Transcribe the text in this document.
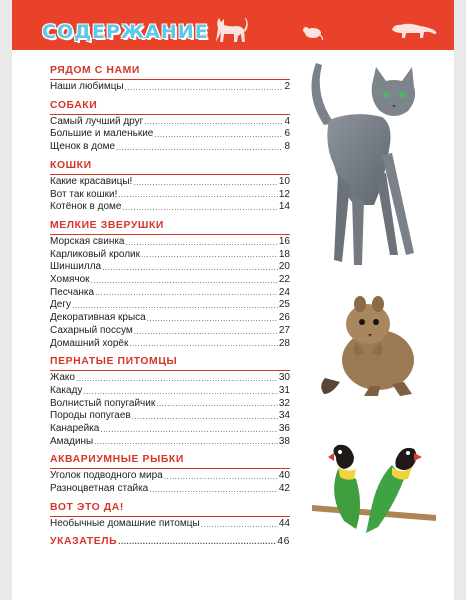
СОДЕРЖАНИЕ
РЯДОМ С НАМИ
Наши любимцы .....	2
СОБАКИ
Самый лучший друг .....	4
Большие и маленькие .....	6
Щенок в доме .....	8
КОШКИ
Какие красавицы! .....	10
Вот так кошки! .....	12
Котёнок в доме .....	14
МЕЛКИЕ ЗВЕРУШКИ
Морская свинка .....	16
Карликовый кролик .....	18
Шиншилла .....	20
Хомячок .....	22
Песчанка .....	24
Дегу .....	25
Декоративная крыса .....	26
Сахарный поссум .....	27
Домашний хорёк .....	28
ПЕРНАТЫЕ ПИТОМЦЫ
Жако .....	30
Какаду .....	31
Волнистый попугайчик .....	32
Породы попугаев .....	34
Канарейка .....	36
Амадины .....	38
АКВАРИУМНЫЕ РЫБКИ
Уголок подводного мира .....	40
Разноцветная стайка .....	42
ВОТ ЭТО ДА!
Необычные домашние питомцы .....	44
УКАЗАТЕЛЬ .....	46
